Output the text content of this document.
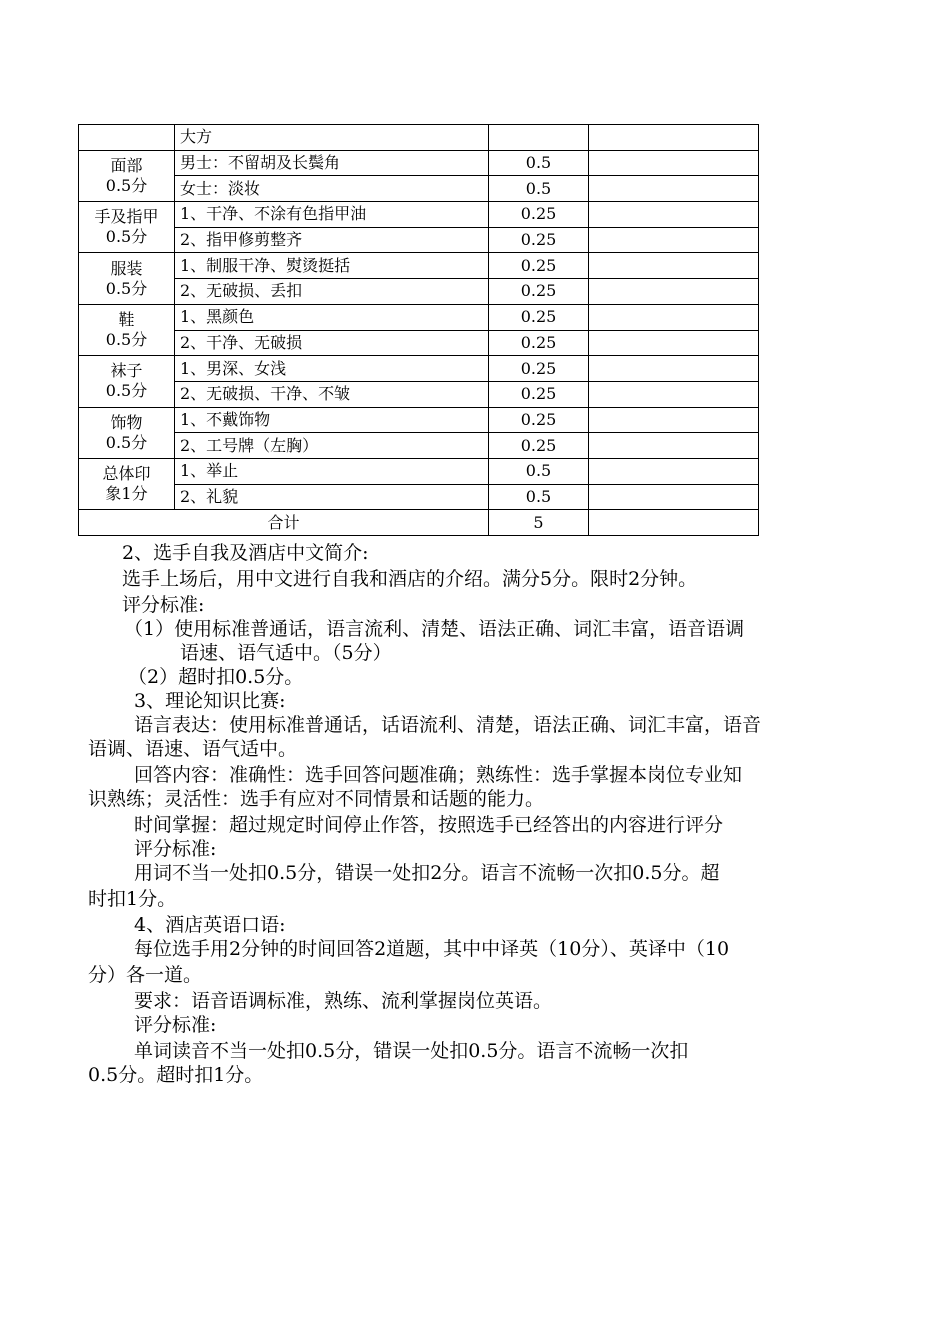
	大方		
面部
0.5分	男士：不留胡及长鬓角	0.5	
	女士：淡妆	0.5	
手及指甲
0.5分	1、干净、不涂有色指甲油	0.25	
	2、指甲修剪整齐	0.25	
服装
0.5分	1、制服干净、熨烫挺括	0.25	
	2、无破损、丢扣	0.25	
鞋
0.5分	1、黑颜色	0.25	
	2、干净、无破损	0.25	
袜子
0.5分	1、男深、女浅	0.25	
	2、无破损、干净、不皱	0.25	
饰物
0.5分	1、不戴饰物	0.25	
	2、工号牌（左胸）	0.25	
总体印
象1分	1、举止	0.5	
	2、礼貌	0.5	
合计		5	

2、选手自我及酒店中文简介:

选手上场后，用中文进行自我和酒店的介绍。满分5分。限时2分钟。

评分标准:

（1）使用标准普通话，语言流利、清楚、语法正确、词汇丰富，语音语调

语速、语气适中。（5分）

（2）超时扣0.5分。

3、理论知识比赛:

语言表达：使用标准普通话，话语流利、清楚，语法正确、词汇丰富，语音

语调、语速、语气适中。

回答内容：准确性：选手回答问题准确；熟练性：选手掌握本岗位专业知

识熟练；灵活性：选手有应对不同情景和话题的能力。

时间掌握：超过规定时间停止作答，按照选手已经答出的内容进行评分

评分标准:

用词不当一处扣0.5分，错误一处扣2分。语言不流畅一次扣0.5分。超

时扣1分。

4、酒店英语口语:

每位选手用2分钟的时间回答2道题，其中中译英（10分）、英译中（10

分）各一道。

要求：语音语调标准，熟练、流利掌握岗位英语。

评分标准:

单词读音不当一处扣0.5分，错误一处扣0.5分。语言不流畅一次扣

0.5分。超时扣1分。
